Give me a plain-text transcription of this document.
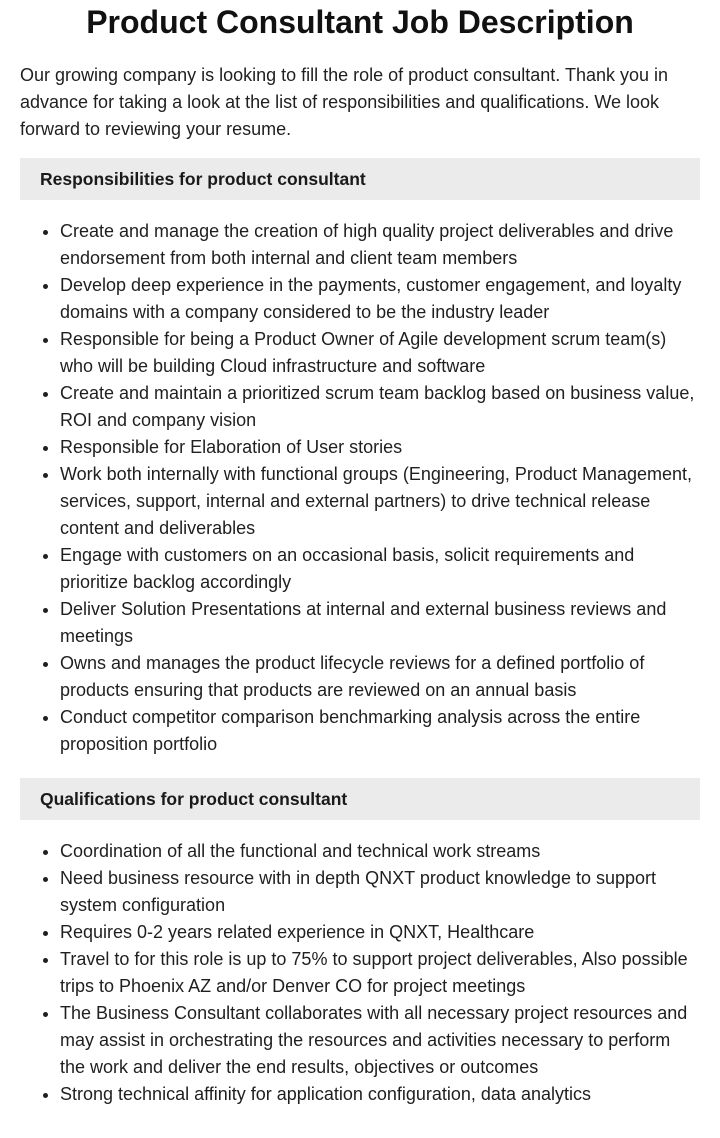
Product Consultant Job Description

Our growing company is looking to fill the role of product consultant. Thank you in advance for taking a look at the list of responsibilities and qualifications. We look forward to reviewing your resume.

Responsibilities for product consultant
• Create and manage the creation of high quality project deliverables and drive endorsement from both internal and client team members
• Develop deep experience in the payments, customer engagement, and loyalty domains with a company considered to be the industry leader
• Responsible for being a Product Owner of Agile development scrum team(s) who will be building Cloud infrastructure and software
• Create and maintain a prioritized scrum team backlog based on business value, ROI and company vision
• Responsible for Elaboration of User stories
• Work both internally with functional groups (Engineering, Product Management, services, support, internal and external partners) to drive technical release content and deliverables
• Engage with customers on an occasional basis, solicit requirements and prioritize backlog accordingly
• Deliver Solution Presentations at internal and external business reviews and meetings
• Owns and manages the product lifecycle reviews for a defined portfolio of products ensuring that products are reviewed on an annual basis
• Conduct competitor comparison benchmarking analysis across the entire proposition portfolio
Qualifications for product consultant
• Coordination of all the functional and technical work streams
• Need business resource with in depth QNXT product knowledge to support system configuration
• Requires 0-2 years related experience in QNXT, Healthcare
• Travel to for this role is up to 75% to support project deliverables, Also possible trips to Phoenix AZ and/or Denver CO for project meetings
• The Business Consultant collaborates with all necessary project resources and may assist in orchestrating the resources and activities necessary to perform the work and deliver the end results, objectives or outcomes
• Strong technical affinity for application configuration, data analytics
